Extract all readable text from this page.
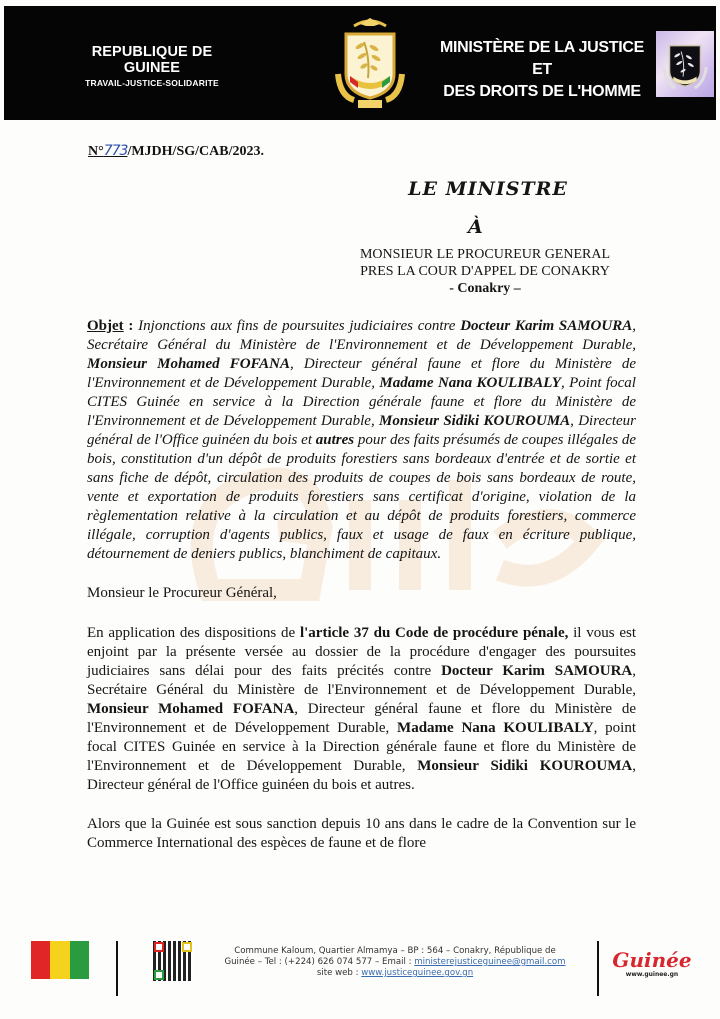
REPUBLIQUE DE GUINEE
TRAVAIL-JUSTICE-SOLIDARITE
MINISTÈRE DE LA JUSTICE ET
DES DROITS DE L'HOMME
N°773/MJDH/SG/CAB/2023.
LE MINISTRE
À
MONSIEUR LE PROCUREUR GENERAL
PRES LA COUR D'APPEL DE CONAKRY
- Conakry –
Objet : Injonctions aux fins de poursuites judiciaires contre Docteur Karim SAMOURA, Secrétaire Général du Ministère de l'Environnement et de Développement Durable, Monsieur Mohamed FOFANA, Directeur général faune et flore du Ministère de l'Environnement et de Développement Durable, Madame Nana KOULIBALY, Point focal CITES Guinée en service à la Direction générale faune et flore du Ministère de l'Environnement et de Développement Durable, Monsieur Sidiki KOUROUMA, Directeur général de l'Office guinéen du bois et autres pour des faits présumés de coupes illégales de bois, constitution d'un dépôt de produits forestiers sans bordeaux d'entrée et de sortie et sans fiche de dépôt, circulation des produits de coupes de bois sans bordeaux de route, vente et exportation de produits forestiers sans certificat d'origine, violation de la règlementation relative à la circulation et au dépôt de produits forestiers, commerce illégale, corruption d'agents publics, faux et usage de faux en écriture publique, détournement de deniers publics, blanchiment de capitaux.
Monsieur le Procureur Général,
En application des dispositions de l'article 37 du Code de procédure pénale, il vous est enjoint par la présente versée au dossier de la procédure d'engager des poursuites judiciaires sans délai pour des faits précités contre Docteur Karim SAMOURA, Secrétaire Général du Ministère de l'Environnement et de Développement Durable, Monsieur Mohamed FOFANA, Directeur général faune et flore du Ministère de l'Environnement et de Développement Durable, Madame Nana KOULIBALY, point focal CITES Guinée en service à la Direction générale faune et flore du Ministère de l'Environnement et de Développement Durable, Monsieur Sidiki KOUROUMA, Directeur général de l'Office guinéen du bois et autres.
Alors que la Guinée est sous sanction depuis 10 ans dans le cadre de la Convention sur le Commerce International des espèces de faune et de flore
Commune Kaloum, Quartier Almamya – BP : 564 – Conakry, République de
Guinée – Tel : (+224) 626 074 577 – Email : ministerejusticeguinee@gmail.com
site web : www.justiceguinee.gov.gn
Guinée
www.guinee.gn
